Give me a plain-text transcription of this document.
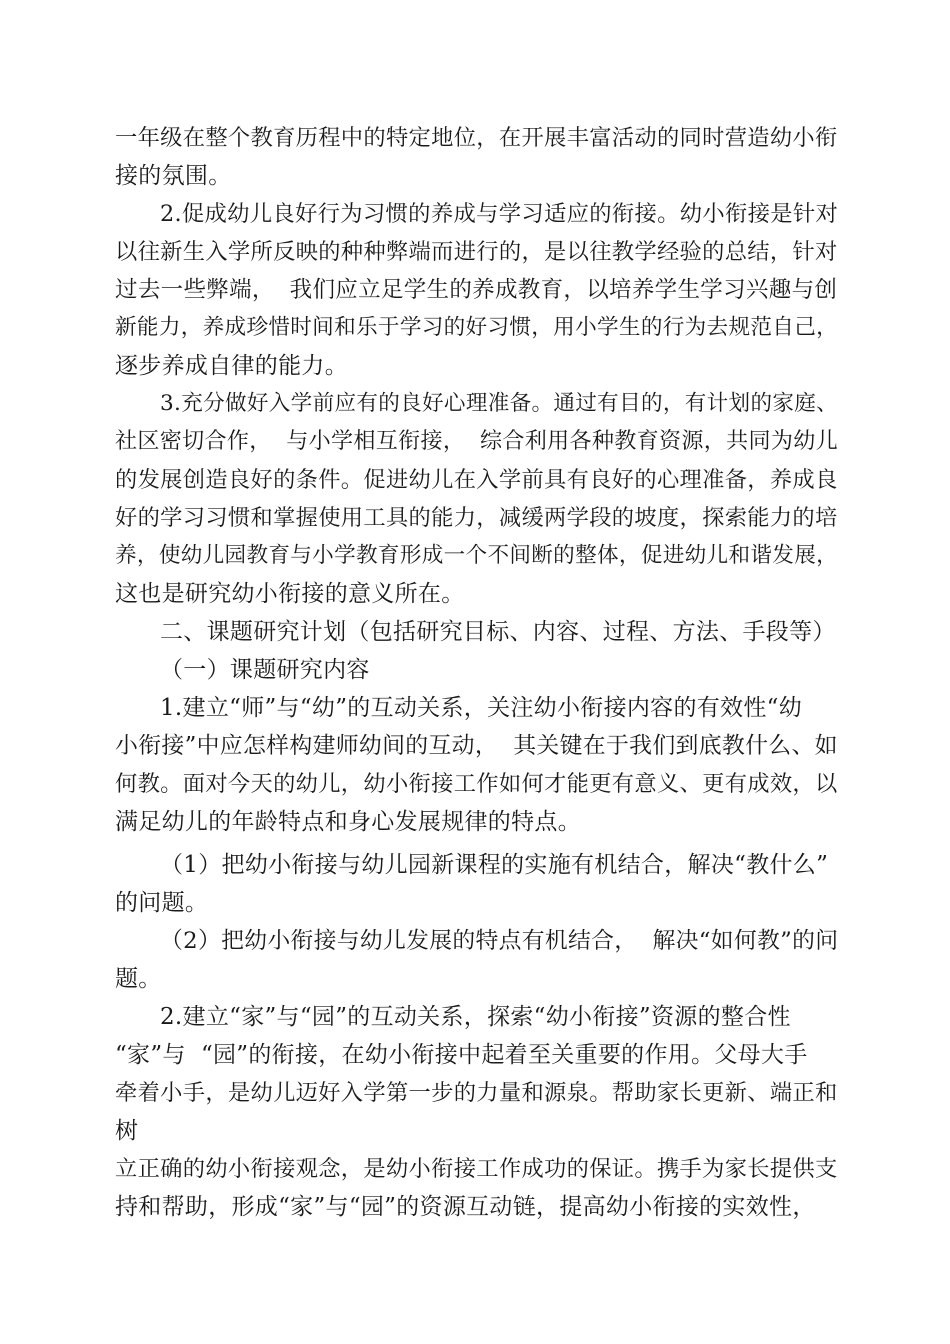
一年级在整个教育历程中的特定地位，在开展丰富活动的同时营造幼小衔
接的氛围。
2.促成幼儿良好行为习惯的养成与学习适应的衔接。幼小衔接是针对
以往新生入学所反映的种种弊端而进行的，是以往教学经验的总结，针对
过去一些弊端，  我们应立足学生的养成教育，以培养学生学习兴趣与创
新能力，养成珍惜时间和乐于学习的好习惯，用小学生的行为去规范自己，
逐步养成自律的能力。
3.充分做好入学前应有的良好心理准备。通过有目的，有计划的家庭、
社区密切合作，  与小学相互衔接，  综合利用各种教育资源，共同为幼儿
的发展创造良好的条件。促进幼儿在入学前具有良好的心理准备，养成良
好的学习习惯和掌握使用工具的能力，减缓两学段的坡度，探索能力的培
养，使幼儿园教育与小学教育形成一个不间断的整体，促进幼儿和谐发展，
这也是研究幼小衔接的意义所在。
二、课题研究计划（包括研究目标、内容、过程、方法、手段等）
（一）课题研究内容
1.建立“师”与“幼”的互动关系，关注幼小衔接内容的有效性“幼
小衔接”中应怎样构建师幼间的互动，  其关键在于我们到底教什么、如
何教。面对今天的幼儿，幼小衔接工作如何才能更有意义、更有成效，以
满足幼儿的年龄特点和身心发展规律的特点。
（1）把幼小衔接与幼儿园新课程的实施有机结合，解决“教什么”
的问题。
（2）把幼小衔接与幼儿发展的特点有机结合，  解决“如何教”的问
题。
2.建立“家”与“园”的互动关系，探索“幼小衔接”资源的整合性
“家”与  “园”的衔接，在幼小衔接中起着至关重要的作用。父母大手
牵着小手，是幼儿迈好入学第一步的力量和源泉。帮助家长更新、端正和
树
立正确的幼小衔接观念，是幼小衔接工作成功的保证。携手为家长提供支
持和帮助，形成“家”与“园”的资源互动链，提高幼小衔接的实效性，
